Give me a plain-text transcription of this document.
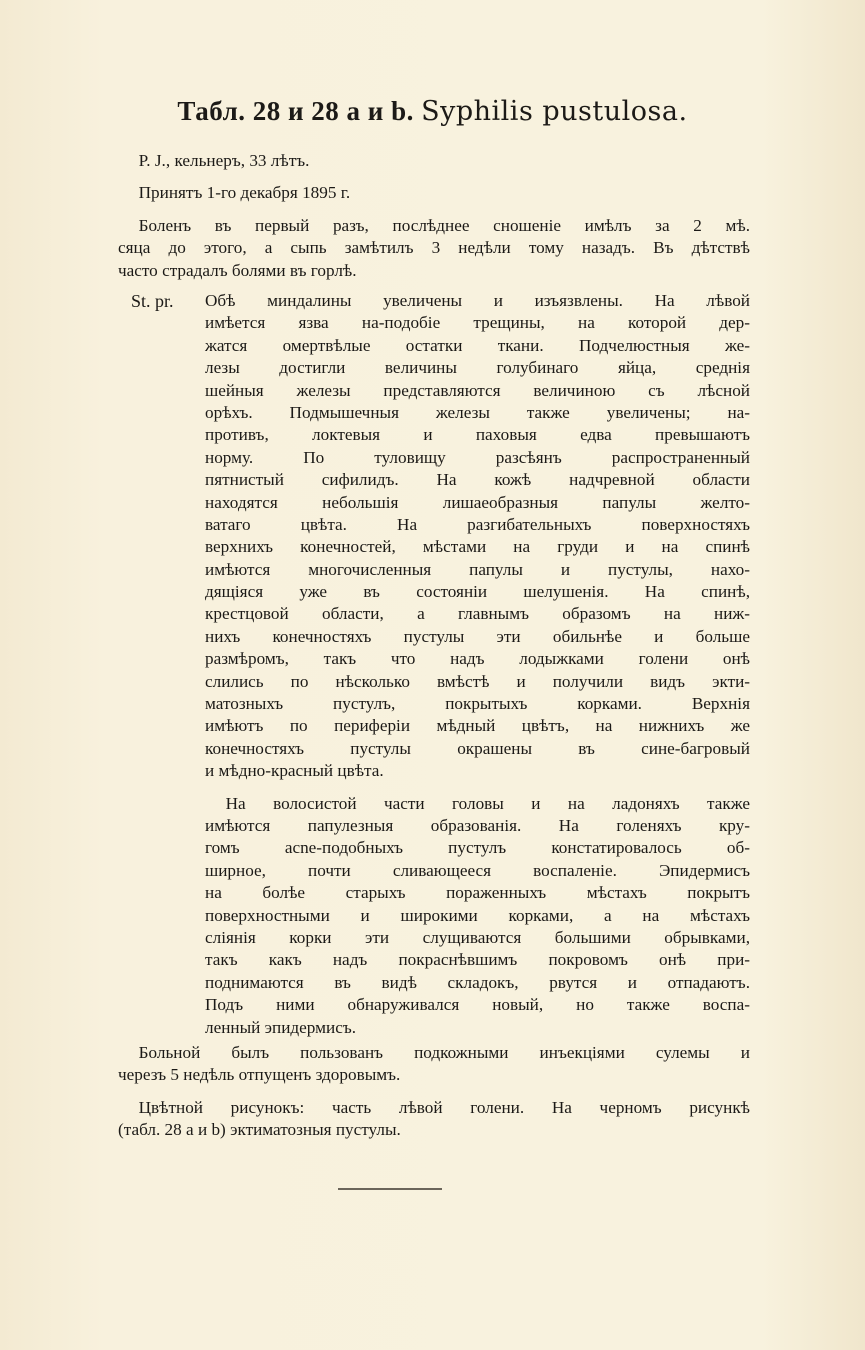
Табл. 28 и 28 а и b. Syphilis pustulosa.
P. J., кельнеръ, 33 лѣтъ.
Принятъ 1-го декабря 1895 г.
Боленъ въ первый разъ, послѣднее сношеніе имѣлъ за 2 мѣ.
сяца до этого, а сыпь замѣтилъ 3 недѣли тому назадъ. Въ дѣтствѣ
часто страдалъ болями въ горлѣ.
St. pr. Обѣ миндалины увеличены и изъязвлены. На лѣвой
имѣется язва на-подобіе трещины, на которой дер-
жатся омертвѣлые остатки ткани. Подчелюстныя же-
лезы достигли величины голубинаго яйца, среднія
шейныя железы представляются величиною съ лѣсной
орѣхъ. Подмышечныя железы также увеличены; на-
противъ, локтевыя и паховыя едва превышаютъ
норму. По туловищу разсѣянъ распространенный
пятнистый сифилидъ. На кожѣ надчревной области
находятся небольшія лишаеобразныя папулы желто-
ватаго цвѣта. На разгибательныхъ поверхностяхъ
верхнихъ конечностей, мѣстами на груди и на спинѣ
имѣются многочисленныя папулы и пустулы, нахо-
дящіяся уже въ состояніи шелушенія. На спинѣ,
крестцовой области, а главнымъ образомъ на ниж-
нихъ конечностяхъ пустулы эти обильнѣе и больше
размѣромъ, такъ что надъ лодыжками голени онѣ
слились по нѣсколько вмѣстѣ и получили видъ экти-
матозныхъ пустулъ, покрытыхъ корками. Верхнія
имѣютъ по периферіи мѣдный цвѣтъ, на нижнихъ же
конечностяхъ пустулы окрашены въ сине-багровый
и мѣдно-красный цвѣта.
На волосистой части головы и на ладоняхъ также
имѣются папулезныя образованія. На голеняхъ кру-
гомъ acne-подобныхъ пустулъ констатировалось об-
ширное, почти сливающееся воспаленіе. Эпидермисъ
на болѣе старыхъ пораженныхъ мѣстахъ покрытъ
поверхностными и широкими корками, а на мѣстахъ
сліянія корки эти слущиваются большими обрывками,
такъ какъ надъ покраснѣвшимъ покровомъ онѣ при-
поднимаются въ видѣ складокъ, рвутся и отпадаютъ.
Подъ ними обнаруживался новый, но также воспа-
ленный эпидермисъ.
Больной былъ пользованъ подкожными инъекціями сулемы и
черезъ 5 недѣль отпущенъ здоровымъ.
Цвѣтной рисунокъ: часть лѣвой голени. На черномъ рисункѣ
(табл. 28 а и b) эктиматозныя пустулы.
